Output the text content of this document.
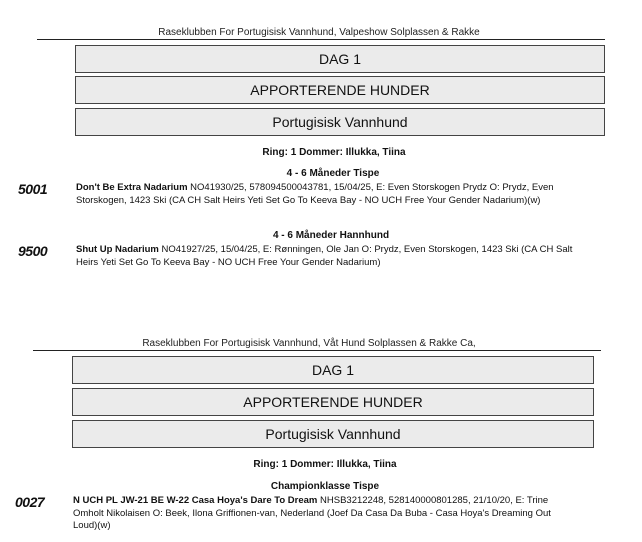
Raseklubben For Portugisisk Vannhund, Valpeshow Solplassen & Rakke
DAG 1
APPORTERENDE HUNDER
Portugisisk Vannhund
Ring: 1 Dommer: Illukka, Tiina
4 - 6 Måneder Tispe
5001	Don't Be Extra Nadarium NO41930/25, 578094500043781, 15/04/25, E: Even Storskogen Prydz O: Prydz, Even Storskogen, 1423 Ski (CA CH Salt Heirs Yeti Set Go To Keeva Bay - NO UCH Free Your Gender Nadarium)(w)
4 - 6 Måneder Hannhund
9500	Shut Up Nadarium NO41927/25, 15/04/25, E: Rønningen, Ole Jan O: Prydz, Even Storskogen, 1423 Ski (CA CH Salt Heirs Yeti Set Go To Keeva Bay - NO UCH Free Your Gender Nadarium)
Raseklubben For Portugisisk Vannhund, Våt Hund Solplassen & Rakke Ca,
DAG 1
APPORTERENDE HUNDER
Portugisisk Vannhund
Ring: 1 Dommer: Illukka, Tiina
Championklasse Tispe
0027	N UCH PL JW-21 BE W-22 Casa Hoya's Dare To Dream NHSB3212248, 528140000801285, 21/10/20, E: Trine Omholt Nikolaisen O: Beek, Ilona Griffionen-van, Nederland (Joef Da Casa Da Buba - Casa Hoya's Dreaming Out Loud)(w)
